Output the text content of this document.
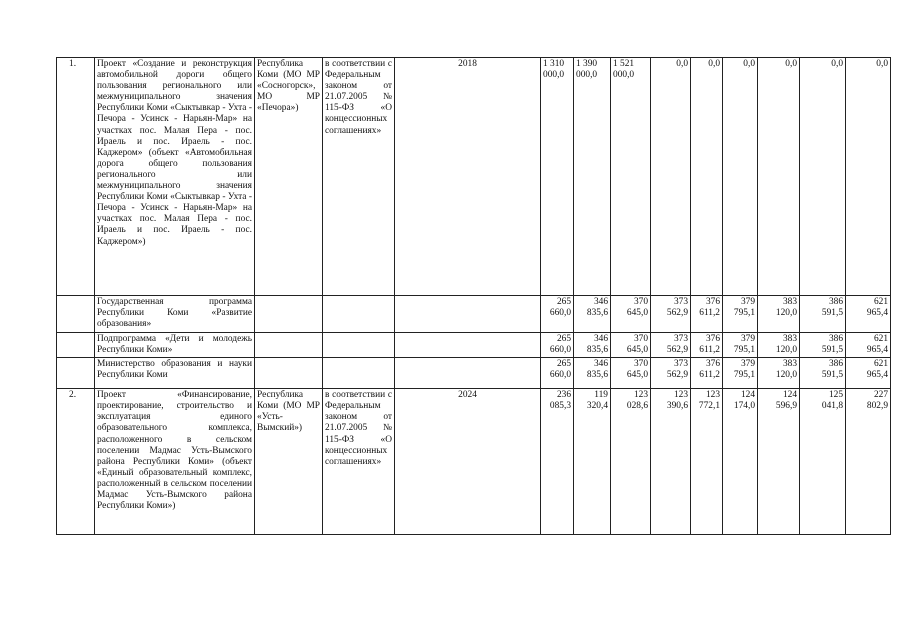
1.	Проект «Создание и реконструкция автомобильной дороги общего пользования регионального или межмуниципального значения Республики Коми «Сыктывкар - Ухта - Печора - Усинск - Нарьян-Мар» на участках пос. Малая Пера - пос. Ираель и пос. Ираель - пос. Каджером» (объект «Автомобильная дорога общего пользования регионального или межмуниципального значения Республики Коми «Сыктывкар - Ухта - Печора - Усинск - Нарьян-Мар» на участках пос. Малая Пера - пос. Ираель и пос. Ираель - пос. Каджером»)	Республика Коми (МО МР «Сосногорск», МО МР «Печора»)	в соответствии с Федеральным законом от 21.07.2005 № 115-ФЗ «О концессионных соглашениях»	2018	1 310
000,0	1 390
000,0	1 521
000,0	0,0	0,0	0,0	0,0	0,0	0,0
	Государственная программа Республики Коми «Развитие образования»				265
660,0	346
835,6	370
645,0	373
562,9	376
611,2	379
795,1	383
120,0	386
591,5	621
965,4
	Подпрограмма «Дети и молодежь Республики Коми»				265
660,0	346
835,6	370
645,0	373
562,9	376
611,2	379
795,1	383
120,0	386
591,5	621
965,4
	Министерство образования и науки Республики Коми				265
660,0	346
835,6	370
645,0	373
562,9	376
611,2	379
795,1	383
120,0	386
591,5	621
965,4
2.	Проект «Финансирование, проектирование, строительство и эксплуатация единого образовательного комплекса, расположенного в сельском поселении Мадмас Усть-Вымского района Республики Коми» (объект «Единый образовательный комплекс, расположенный в сельском поселении Мадмас Усть-Вымского района Республики Коми»)	Республика Коми (МО МР «Усть-Вымский»)	в соответствии с Федеральным законом от 21.07.2005 № 115-ФЗ «О концессионных соглашениях»	2024	236
085,3	119
320,4	123
028,6	123
390,6	123
772,1	124
174,0	124
596,9	125
041,8	227
802,9
